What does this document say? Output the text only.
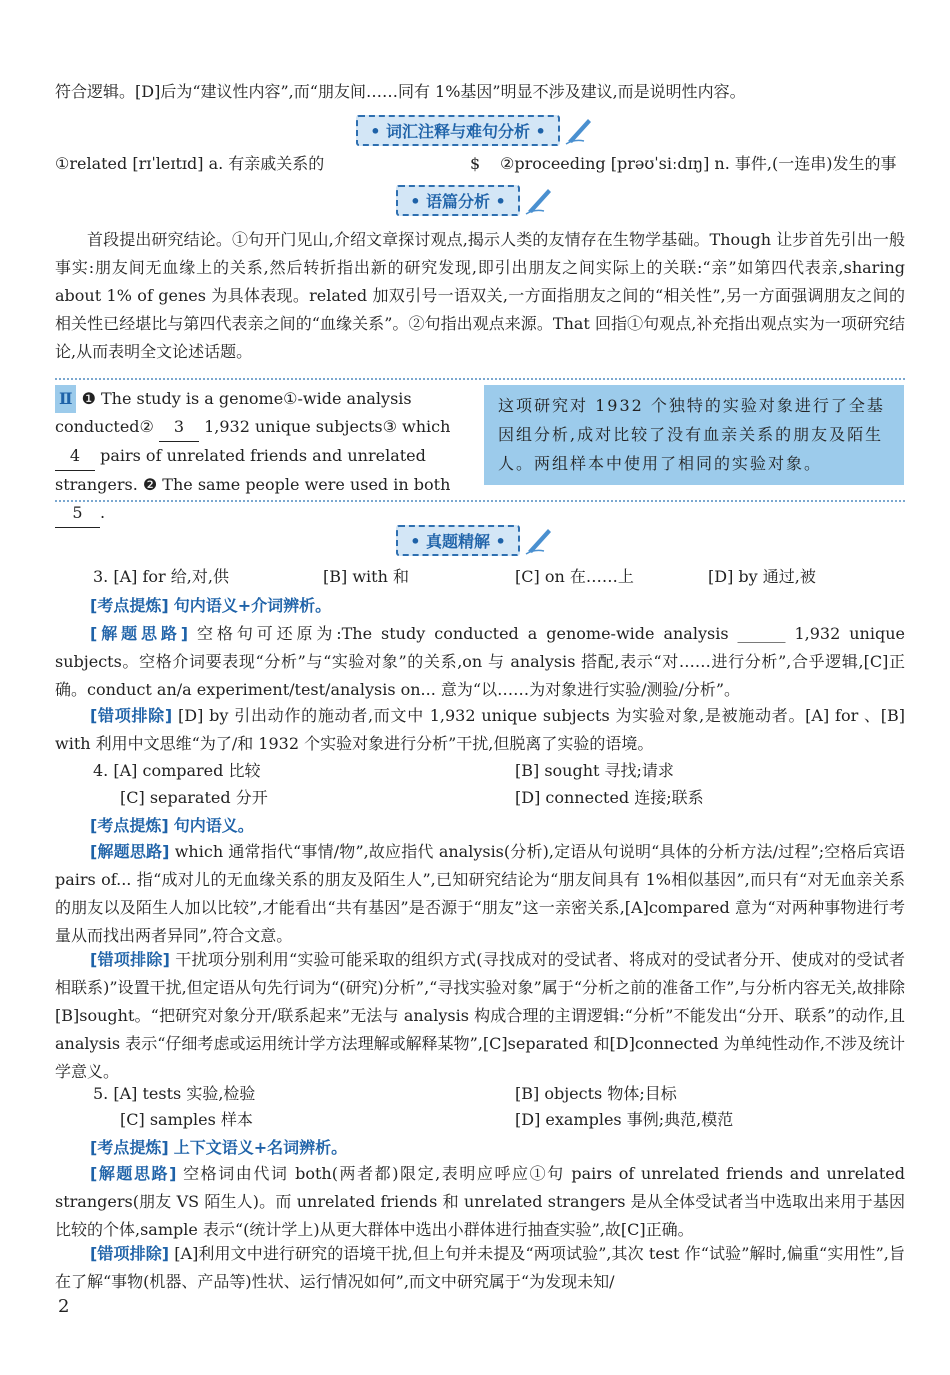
符合逻辑。[D]后为“建议性内容”,而“朋友间……同有 1%基因”明显不涉及建议,而是说明性内容。
• 词汇注释与难句分析 •
①related [rɪˈleɪtɪd] a. 有亲戚关系的	$ ②proceeding [prəʊˈsiːdɪŋ] n. 事件,(一连串)发生的事
• 语篇分析 •
首段提出研究结论。①句开门见山,介绍文章探讨观点,揭示人类的友情存在生物学基础。Though 让步首先引出一般事实:朋友间无血缘上的关系,然后转折指出新的研究发现,即引出朋友之间实际上的关联:“亲”如第四代表亲,sharing about 1% of genes 为具体表现。related 加双引号一语双关,一方面指朋友之间的“相关性”,另一方面强调朋友之间的相关性已经堪比与第四代表亲之间的“血缘关系”。②句指出观点来源。That 回指①句观点,补充指出观点实为一项研究结论,从而表明全文论述话题。
Ⅱ ❶ The study is a genome①-wide analysis conducted② 3 1,932 unique subjects③ which 4 pairs of unrelated friends and unrelated strangers. ❷ The same people were used in both 5 .
这项研究对 1932 个独特的实验对象进行了全基因组分析,成对比较了没有血亲关系的朋友及陌生人。两组样本中使用了相同的实验对象。
• 真题精解 •
3. [A] for 给,对,供	[B] with 和	[C] on 在……上	[D] by 通过,被
[考点提炼] 句内语义+介词辨析。
[解题思路] 空格句可还原为:The study conducted a genome-wide analysis ______ 1,932 unique subjects。空格介词要表现“分析”与“实验对象”的关系,on 与 analysis 搭配,表示“对……进行分析”,合乎逻辑,[C]正确。conduct an/a experiment/test/analysis on... 意为“以……为对象进行实验/测验/分析”。
[错项排除] [D] by 引出动作的施动者,而文中 1,932 unique subjects 为实验对象,是被施动者。[A] for 、[B] with 利用中文思维“为了/和 1932 个实验对象进行分析”干扰,但脱离了实验的语境。
4. [A] compared 比较	[B] sought 寻找;请求
[C] separated 分开	[D] connected 连接;联系
[考点提炼] 句内语义。
[解题思路] which 通常指代“事情/物”,故应指代 analysis(分析),定语从句说明“具体的分析方法/过程”;空格后宾语 pairs of... 指“成对儿的无血缘关系的朋友及陌生人”,已知研究结论为“朋友间具有 1%相似基因”,而只有“对无血亲关系的朋友以及陌生人加以比较”,才能看出“共有基因”是否源于“朋友”这一亲密关系,[A]compared 意为“对两种事物进行考量从而找出两者异同”,符合文意。
[错项排除] 干扰项分别利用“实验可能采取的组织方式(寻找成对的受试者、将成对的受试者分开、使成对的受试者相联系)”设置干扰,但定语从句先行词为“(研究)分析”,“寻找实验对象”属于“分析之前的准备工作”,与分析内容无关,故排除[B]sought。“把研究对象分开/联系起来”无法与 analysis 构成合理的主谓逻辑:“分析”不能发出“分开、联系”的动作,且 analysis 表示“仔细考虑或运用统计学方法理解或解释某物”,[C]separated 和[D]connected 为单纯性动作,不涉及统计学意义。
5. [A] tests 实验,检验	[B] objects 物体;目标
[C] samples 样本	[D] examples 事例;典范,模范
[考点提炼] 上下文语义+名词辨析。
[解题思路] 空格词由代词 both(两者都)限定,表明应呼应①句 pairs of unrelated friends and unrelated strangers(朋友 VS 陌生人)。而 unrelated friends 和 unrelated strangers 是从全体受试者当中选取出来用于基因比较的个体,sample 表示“(统计学上)从更大群体中选出小群体进行抽查实验”,故[C]正确。
[错项排除] [A]利用文中进行研究的语境干扰,但上句并未提及“两项试验”,其次 test 作“试验”解时,偏重“实用性”,旨在了解“事物(机器、产品等)性状、运行情况如何”,而文中研究属于“为发现未知/
2
